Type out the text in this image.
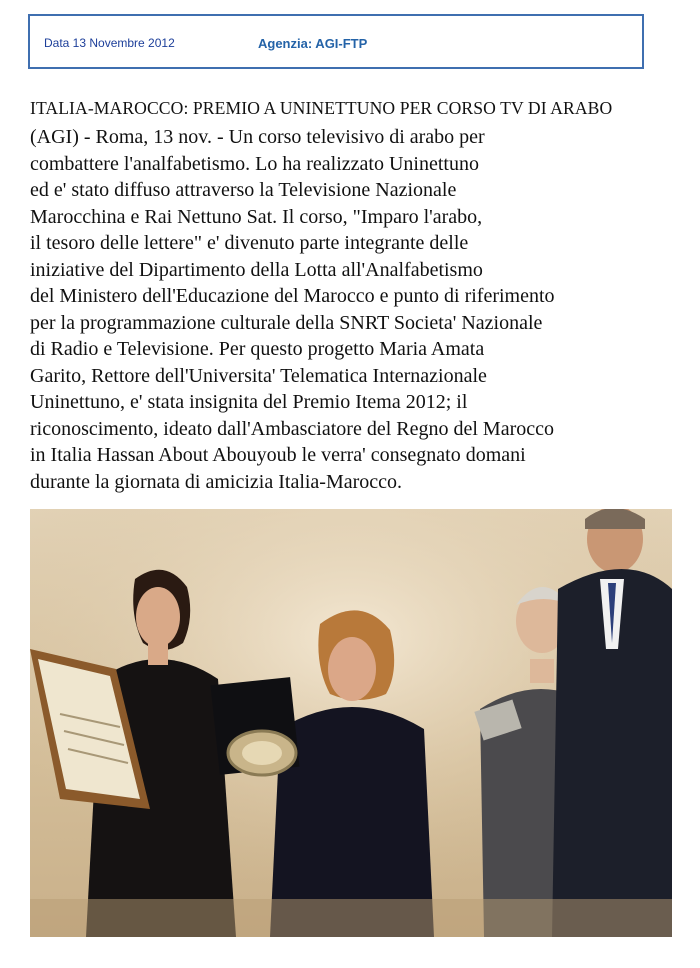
Data 13 Novembre 2012	Agenzia: AGI-FTP
ITALIA-MAROCCO: PREMIO A UNINETTUNO PER CORSO TV DI ARABO
(AGI) - Roma, 13 nov. - Un corso televisivo di arabo per
combattere l'analfabetismo. Lo ha realizzato Uninettuno
ed e' stato diffuso attraverso la Televisione Nazionale
Marocchina e Rai Nettuno Sat. Il corso, "Imparo l'arabo,
il tesoro delle lettere" e' divenuto parte integrante delle
iniziative del Dipartimento della Lotta all'Analfabetismo
del Ministero dell'Educazione del Marocco e punto di riferimento
per la programmazione culturale della SNRT Societa' Nazionale
di Radio e Televisione. Per questo progetto Maria Amata
Garito, Rettore dell'Universita' Telematica Internazionale
Uninettuno, e' stata insignita del Premio Itema 2012; il
riconoscimento, ideato dall'Ambasciatore del Regno del Marocco
in Italia Hassan About Abouyoub le verra' consegnato domani
durante la giornata di amicizia Italia-Marocco.
